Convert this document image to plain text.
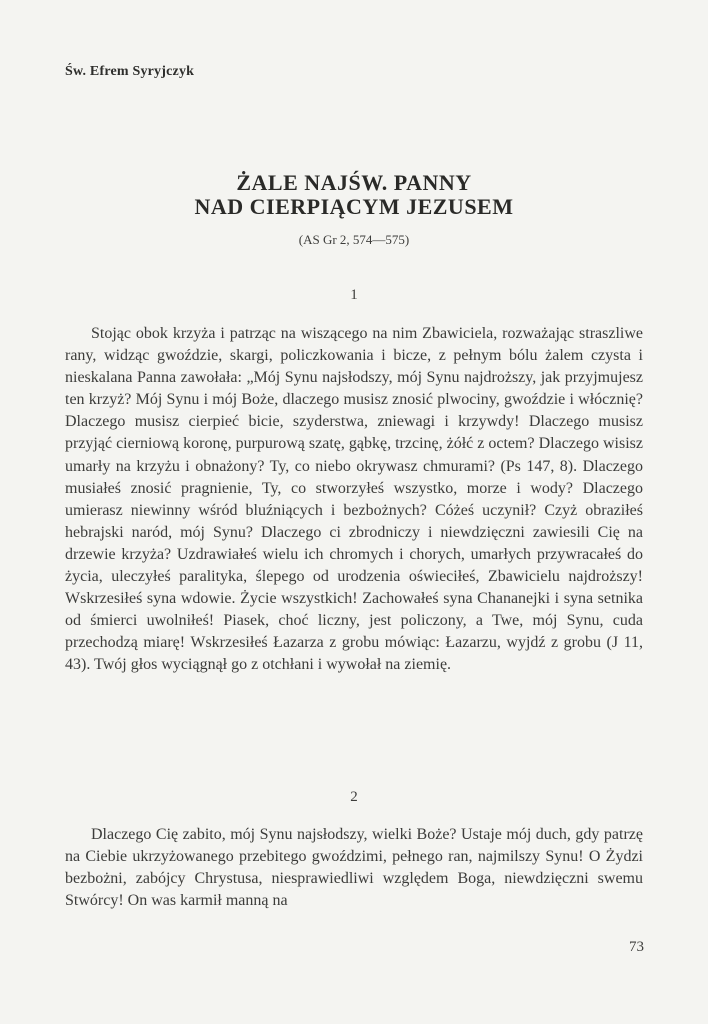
Św. Efrem Syryjczyk
ŻALE NAJŚW. PANNY
NAD CIERPIĄCYM JEZUSEM
(AS Gr 2, 574—575)
1

Stojąc obok krzyża i patrząc na wiszącego na nim Zbawiciela, rozważając straszliwe rany, widząc gwoździe, skargi, policzkowania i bicze, z pełnym bólu żalem czysta i nieskalana Panna zawołała: „Mój Synu najsłodszy, mój Synu najdroższy, jak przyjmujesz ten krzyż? Mój Synu i mój Boże, dlaczego musisz znosić plwociny, gwoździe i włócznię? Dlaczego musisz cierpieć bicie, szyderstwa, zniewagi i krzywdy! Dlaczego musisz przyjąć cierniową koronę, purpurową szatę, gąbkę, trzcinę, żółć z octem? Dlaczego wisisz umarły na krzyżu i obnażony? Ty, co niebo okrywasz chmurami? (Ps 147, 8). Dlaczego musiałeś znosić pragnienie, Ty, co stworzyłeś wszystko, morze i wody? Dlaczego umierasz niewinny wśród bluźniących i bezbożnych? Cóżeś uczynił? Czyż obraziłeś hebrajski naród, mój Synu? Dlaczego ci zbrodniczy i niewdzięczni zawiesili Cię na drzewie krzyża? Uzdrawiałeś wielu ich chromych i chorych, umarłych przywracałeś do życia, uleczyłeś paralityka, ślepego od urodzenia oświeciłeś, Zbawicielu najdroższy! Wskrzesiłeś syna wdowie. Życie wszystkich! Zachowałeś syna Chananejki i syna setnika od śmierci uwolniłeś! Piasek, choć liczny, jest policzony, a Twe, mój Synu, cuda przechodzą miarę! Wskrzesiłeś Łazarza z grobu mówiąc: Łazarzu, wyjdź z grobu (J 11, 43). Twój głos wyciągnął go z otchłani i wywołał na ziemię.

2

Dlaczego Cię zabito, mój Synu najsłodszy, wielki Boże? Ustaje mój duch, gdy patrzę na Ciebie ukrzyżowanego przebitego gwoździmi, pełnego ran, najmilszy Synu! O Żydzi bezbożni, zabójcy Chrystusa, niesprawiedliwi względem Boga, niewdzięczni swemu Stwórcy! On was karmił manną na

73
